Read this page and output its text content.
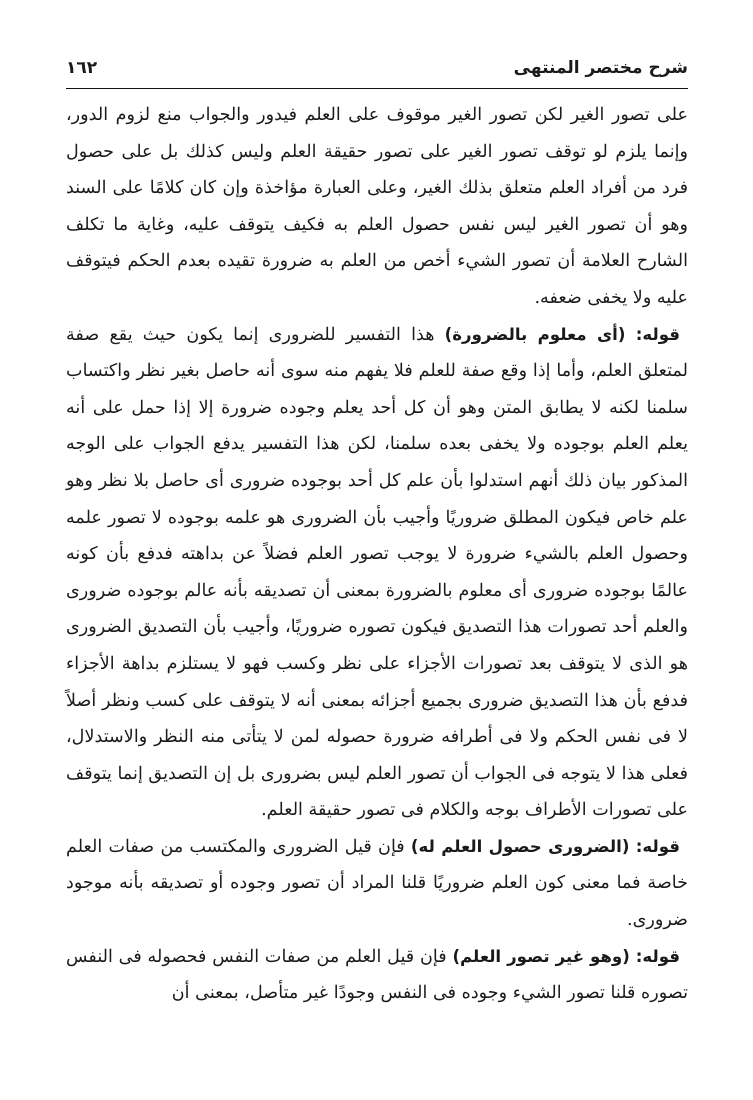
شرح مختصر المنتهى
١٦٢

على تصور الغير لكن تصور الغير موقوف على العلم فيدور والجواب منع لزوم الدور، وإنما يلزم لو توقف تصور الغير على تصور حقيقة العلم وليس كذلك بل على حصول فرد من أفراد العلم متعلق بذلك الغير، وعلى العبارة مؤاخذة وإن كان كلامًا على السند وهو أن تصور الغير ليس نفس حصول العلم به فكيف يتوقف عليه، وغاية ما تكلف الشارح العلامة أن تصور الشيء أخص من العلم به ضرورة تقيده بعدم الحكم فيتوقف عليه ولا يخفى ضعفه.

قوله: (أى معلوم بالضرورة) هذا التفسير للضرورى إنما يكون حيث يقع صفة لمتعلق العلم، وأما إذا وقع صفة للعلم فلا يفهم منه سوى أنه حاصل بغير نظر واكتساب سلمنا لكنه لا يطابق المتن وهو أن كل أحد يعلم وجوده ضرورة إلا إذا حمل على أنه يعلم العلم بوجوده ولا يخفى بعده سلمنا، لكن هذا التفسير يدفع الجواب على الوجه المذكور بيان ذلك أنهم استدلوا بأن علم كل أحد بوجوده ضرورى أى حاصل بلا نظر وهو علم خاص فيكون المطلق ضروريًا وأجيب بأن الضرورى هو علمه بوجوده لا تصور علمه وحصول العلم بالشيء ضرورة لا يوجب تصور العلم فضلاً عن بداهته فدفع بأن كونه عالمًا بوجوده ضرورى أى معلوم بالضرورة بمعنى أن تصديقه بأنه عالم بوجوده ضرورى والعلم أحد تصورات هذا التصديق فيكون تصوره ضروريًا، وأجيب بأن التصديق الضرورى هو الذى لا يتوقف بعد تصورات الأجزاء على نظر وكسب فهو لا يستلزم بداهة الأجزاء فدفع بأن هذا التصديق ضرورى بجميع أجزائه بمعنى أنه لا يتوقف على كسب ونظر أصلاً لا فى نفس الحكم ولا فى أطرافه ضرورة حصوله لمن لا يتأتى منه النظر والاستدلال، فعلى هذا لا يتوجه فى الجواب أن تصور العلم ليس بضرورى بل إن التصديق إنما يتوقف على تصورات الأطراف بوجه والكلام فى تصور حقيقة العلم.

قوله: (الضرورى حصول العلم له) فإن قيل الضرورى والمكتسب من صفات العلم خاصة فما معنى كون العلم ضروريًا قلنا المراد أن تصور وجوده أو تصديقه بأنه موجود ضرورى.

قوله: (وهو غير تصور العلم) فإن قيل العلم من صفات النفس فحصوله فى النفس تصوره قلنا تصور الشيء وجوده فى النفس وجودًا غير متأصل، بمعنى أن
